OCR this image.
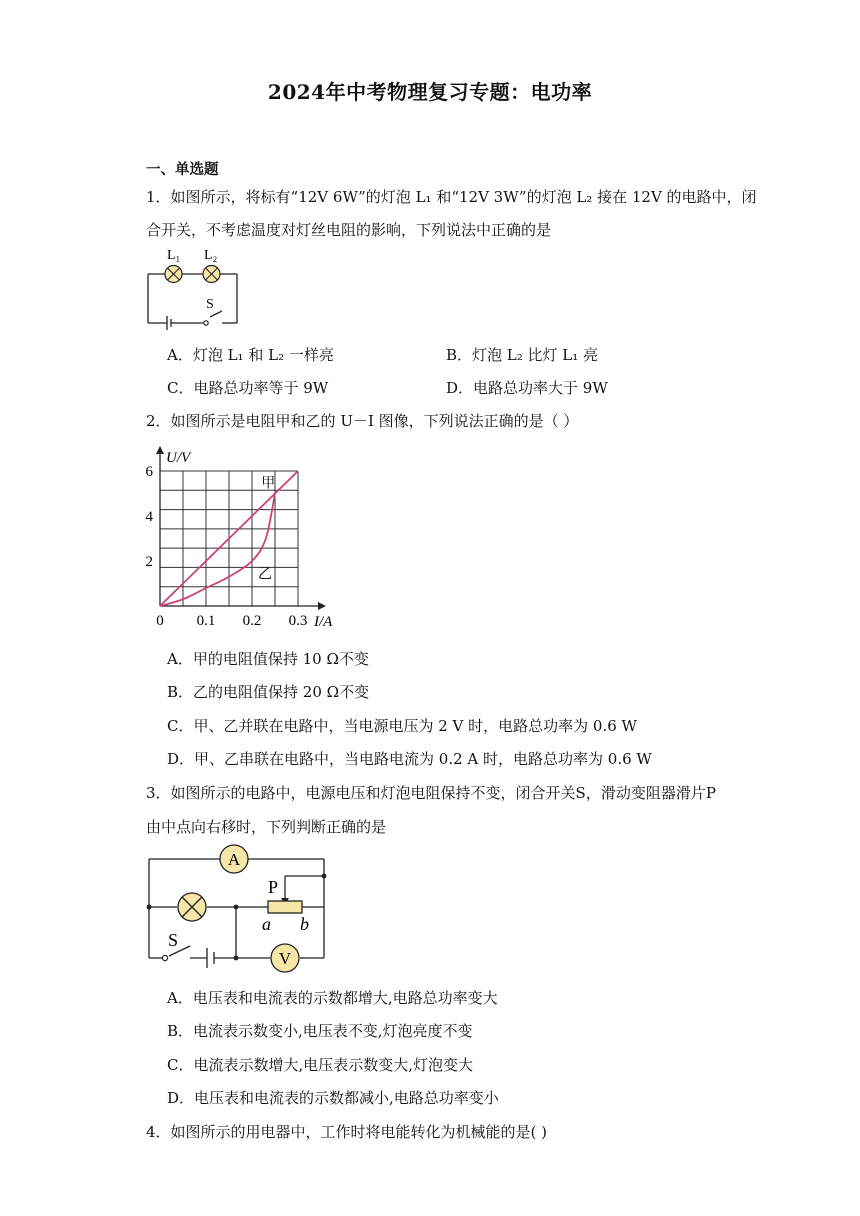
2024年中考物理复习专题：电功率
一、单选题
1．如图所示，将标有“12V 6W”的灯泡 L₁ 和“12V 3W”的灯泡 L₂ 接在 12V 的电路中，闭
合开关，不考虑温度对灯丝电阻的影响，下列说法中正确的是
L₁ L₂
S
A．灯泡 L₁ 和 L₂ 一样亮	B．灯泡 L₂ 比灯 L₁ 亮
C．电路总功率等于 9W	D．电路总功率大于 9W
2．如图所示是电阻甲和乙的 U－I 图像，下列说法正确的是（ ）
0 0.1 0.2 0.3
2
4
6
甲
乙
U/V
I/A
A．甲的电阻值保持 10 Ω不变
B．乙的电阻值保持 20 Ω不变
C．甲、乙并联在电路中，当电源电压为 2 V 时，电路总功率为 0.6 W
D．甲、乙串联在电路中，当电路电流为 0.2 A 时，电路总功率为 0.6 W
3．如图所示的电路中，电源电压和灯泡电阻保持不变，闭合开关S，滑动变阻器滑片P
由中点向右移时，下列判断正确的是
A
V
P
a b
S
A．电压表和电流表的示数都增大,电路总功率变大
B．电流表示数变小,电压表不变,灯泡亮度不变
C．电流表示数增大,电压表示数变大,灯泡变大
D．电压表和电流表的示数都减小,电路总功率变小
4．如图所示的用电器中，工作时将电能转化为机械能的是( )
